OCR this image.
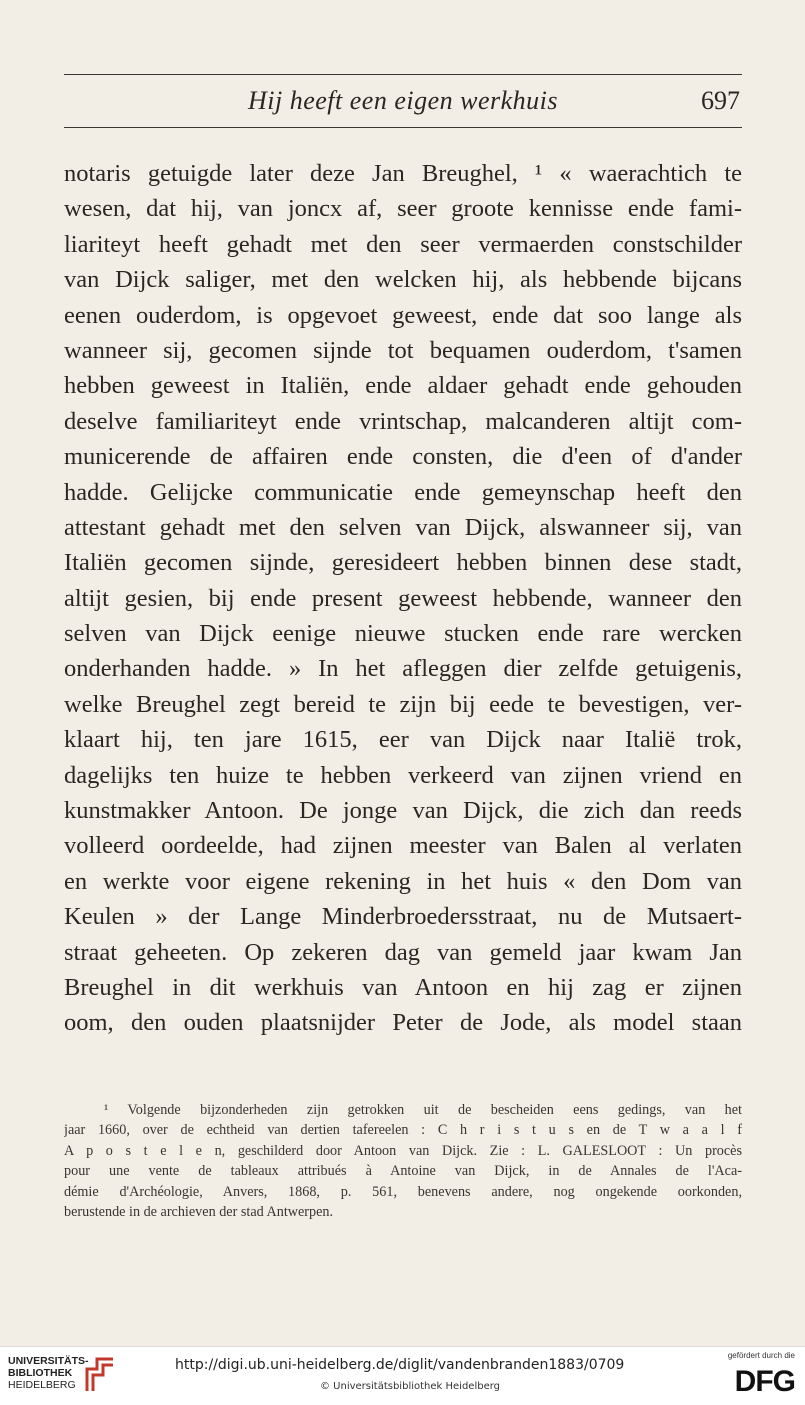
Hij heeft een eigen werkhuis	697
notaris getuigde later deze Jan Breughel, ¹ « waerachtich te
wesen, dat hij, van joncx af, seer groote kennisse ende fami-
liariteyt heeft gehadt met den seer vermaerden constschilder
van Dijck saliger, met den welcken hij, als hebbende bijcans
eenen ouderdom, is opgevoet geweest, ende dat soo lange als
wanneer sij, gecomen sijnde tot bequamen ouderdom, t'samen
hebben geweest in Italiën, ende aldaer gehadt ende gehouden
deselve familiariteyt ende vrintschap, malcanderen altijt com-
municerende de affairen ende consten, die d'een of d'ander
hadde. Gelijcke communicatie ende gemeynschap heeft den
attestant gehadt met den selven van Dijck, alswanneer sij, van
Italiën gecomen sijnde, geresideert hebben binnen dese stadt,
altijt gesien, bij ende present geweest hebbende, wanneer den
selven van Dijck eenige nieuwe stucken ende rare wercken
onderhanden hadde. » In het afleggen dier zelfde getuigenis,
welke Breughel zegt bereid te zijn bij eede te bevestigen, ver-
klaart hij, ten jare 1615, eer van Dijck naar Italië trok,
dagelijks ten huize te hebben verkeerd van zijnen vriend en
kunstmakker Antoon. De jonge van Dijck, die zich dan reeds
volleerd oordeelde, had zijnen meester van Balen al verlaten
en werkte voor eigene rekening in het huis « den Dom van
Keulen » der Lange Minderbroedersstraat, nu de Mutsaert-
straat geheeten. Op zekeren dag van gemeld jaar kwam Jan
Breughel in dit werkhuis van Antoon en hij zag er zijnen
oom, den ouden plaatsnijder Peter de Jode, als model staan
¹ Volgende bijzonderheden zijn getrokken uit de bescheiden eens gedings, van het
jaar 1660, over de echtheid van dertien tafereelen : C h r i s t u s en de T w a a l f
A p o s t e l e n, geschilderd door Antoon van Dijck. Zie : L. GALESLOOT : Un procès
pour une vente de tableaux attribués à Antoine van Dijck, in de Annales de l'Aca-
démie d'Archéologie, Anvers, 1868, p. 561, benevens andere, nog ongekende oorkonden,
berustende in de archieven der stad Antwerpen.
UNIVERSITÄTS-
BIBLIOTHEK
HEIDELBERG
http://digi.ub.uni-heidelberg.de/diglit/vandenbranden1883/0709
© Universitätsbibliothek Heidelberg
gefördert durch die
DFG
